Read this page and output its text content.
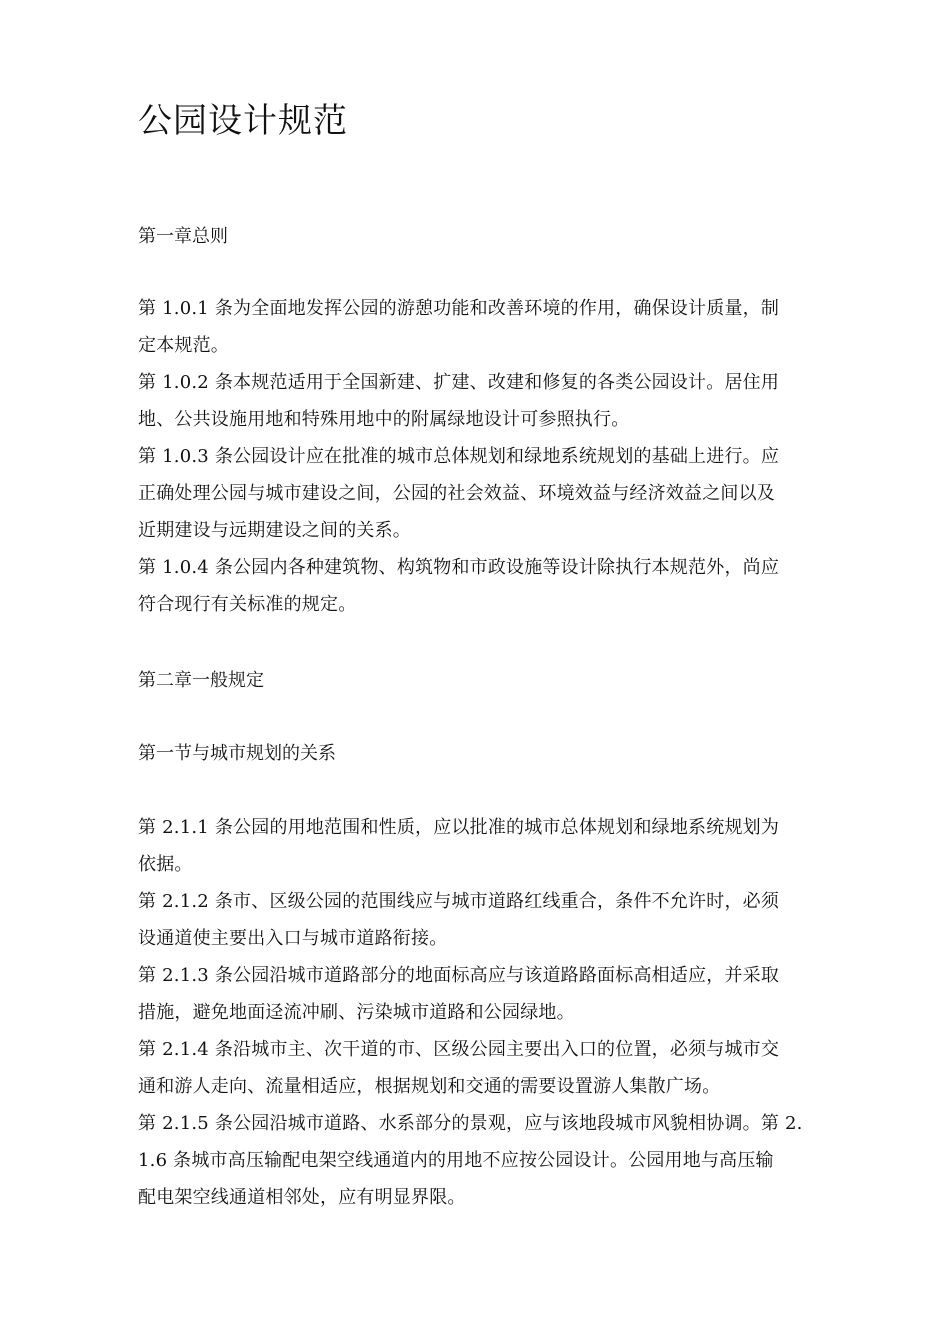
公园设计规范
第一章总则
第 1.0.1 条为全面地发挥公园的游憩功能和改善环境的作用，确保设计质量，制
定本规范。
第 1.0.2 条本规范适用于全国新建、扩建、改建和修复的各类公园设计。居住用
地、公共设施用地和特殊用地中的附属绿地设计可参照执行。
第 1.0.3 条公园设计应在批准的城市总体规划和绿地系统规划的基础上进行。应
正确处理公园与城市建设之间，公园的社会效益、环境效益与经济效益之间以及
近期建设与远期建设之间的关系。
第 1.0.4 条公园内各种建筑物、构筑物和市政设施等设计除执行本规范外，尚应
符合现行有关标准的规定。
第二章一般规定
第一节与城市规划的关系
第 2.1.1 条公园的用地范围和性质，应以批准的城市总体规划和绿地系统规划为
依据。
第 2.1.2 条市、区级公园的范围线应与城市道路红线重合，条件不允许时，必须
设通道使主要出入口与城市道路衔接。
第 2.1.3 条公园沿城市道路部分的地面标高应与该道路路面标高相适应，并采取
措施，避免地面迳流冲刷、污染城市道路和公园绿地。
第 2.1.4 条沿城市主、次干道的市、区级公园主要出入口的位置，必须与城市交
通和游人走向、流量相适应，根据规划和交通的需要设置游人集散广场。
第 2.1.5 条公园沿城市道路、水系部分的景观，应与该地段城市风貌相协调。第 2.
1.6 条城市高压输配电架空线通道内的用地不应按公园设计。公园用地与高压输
配电架空线通道相邻处，应有明显界限。
